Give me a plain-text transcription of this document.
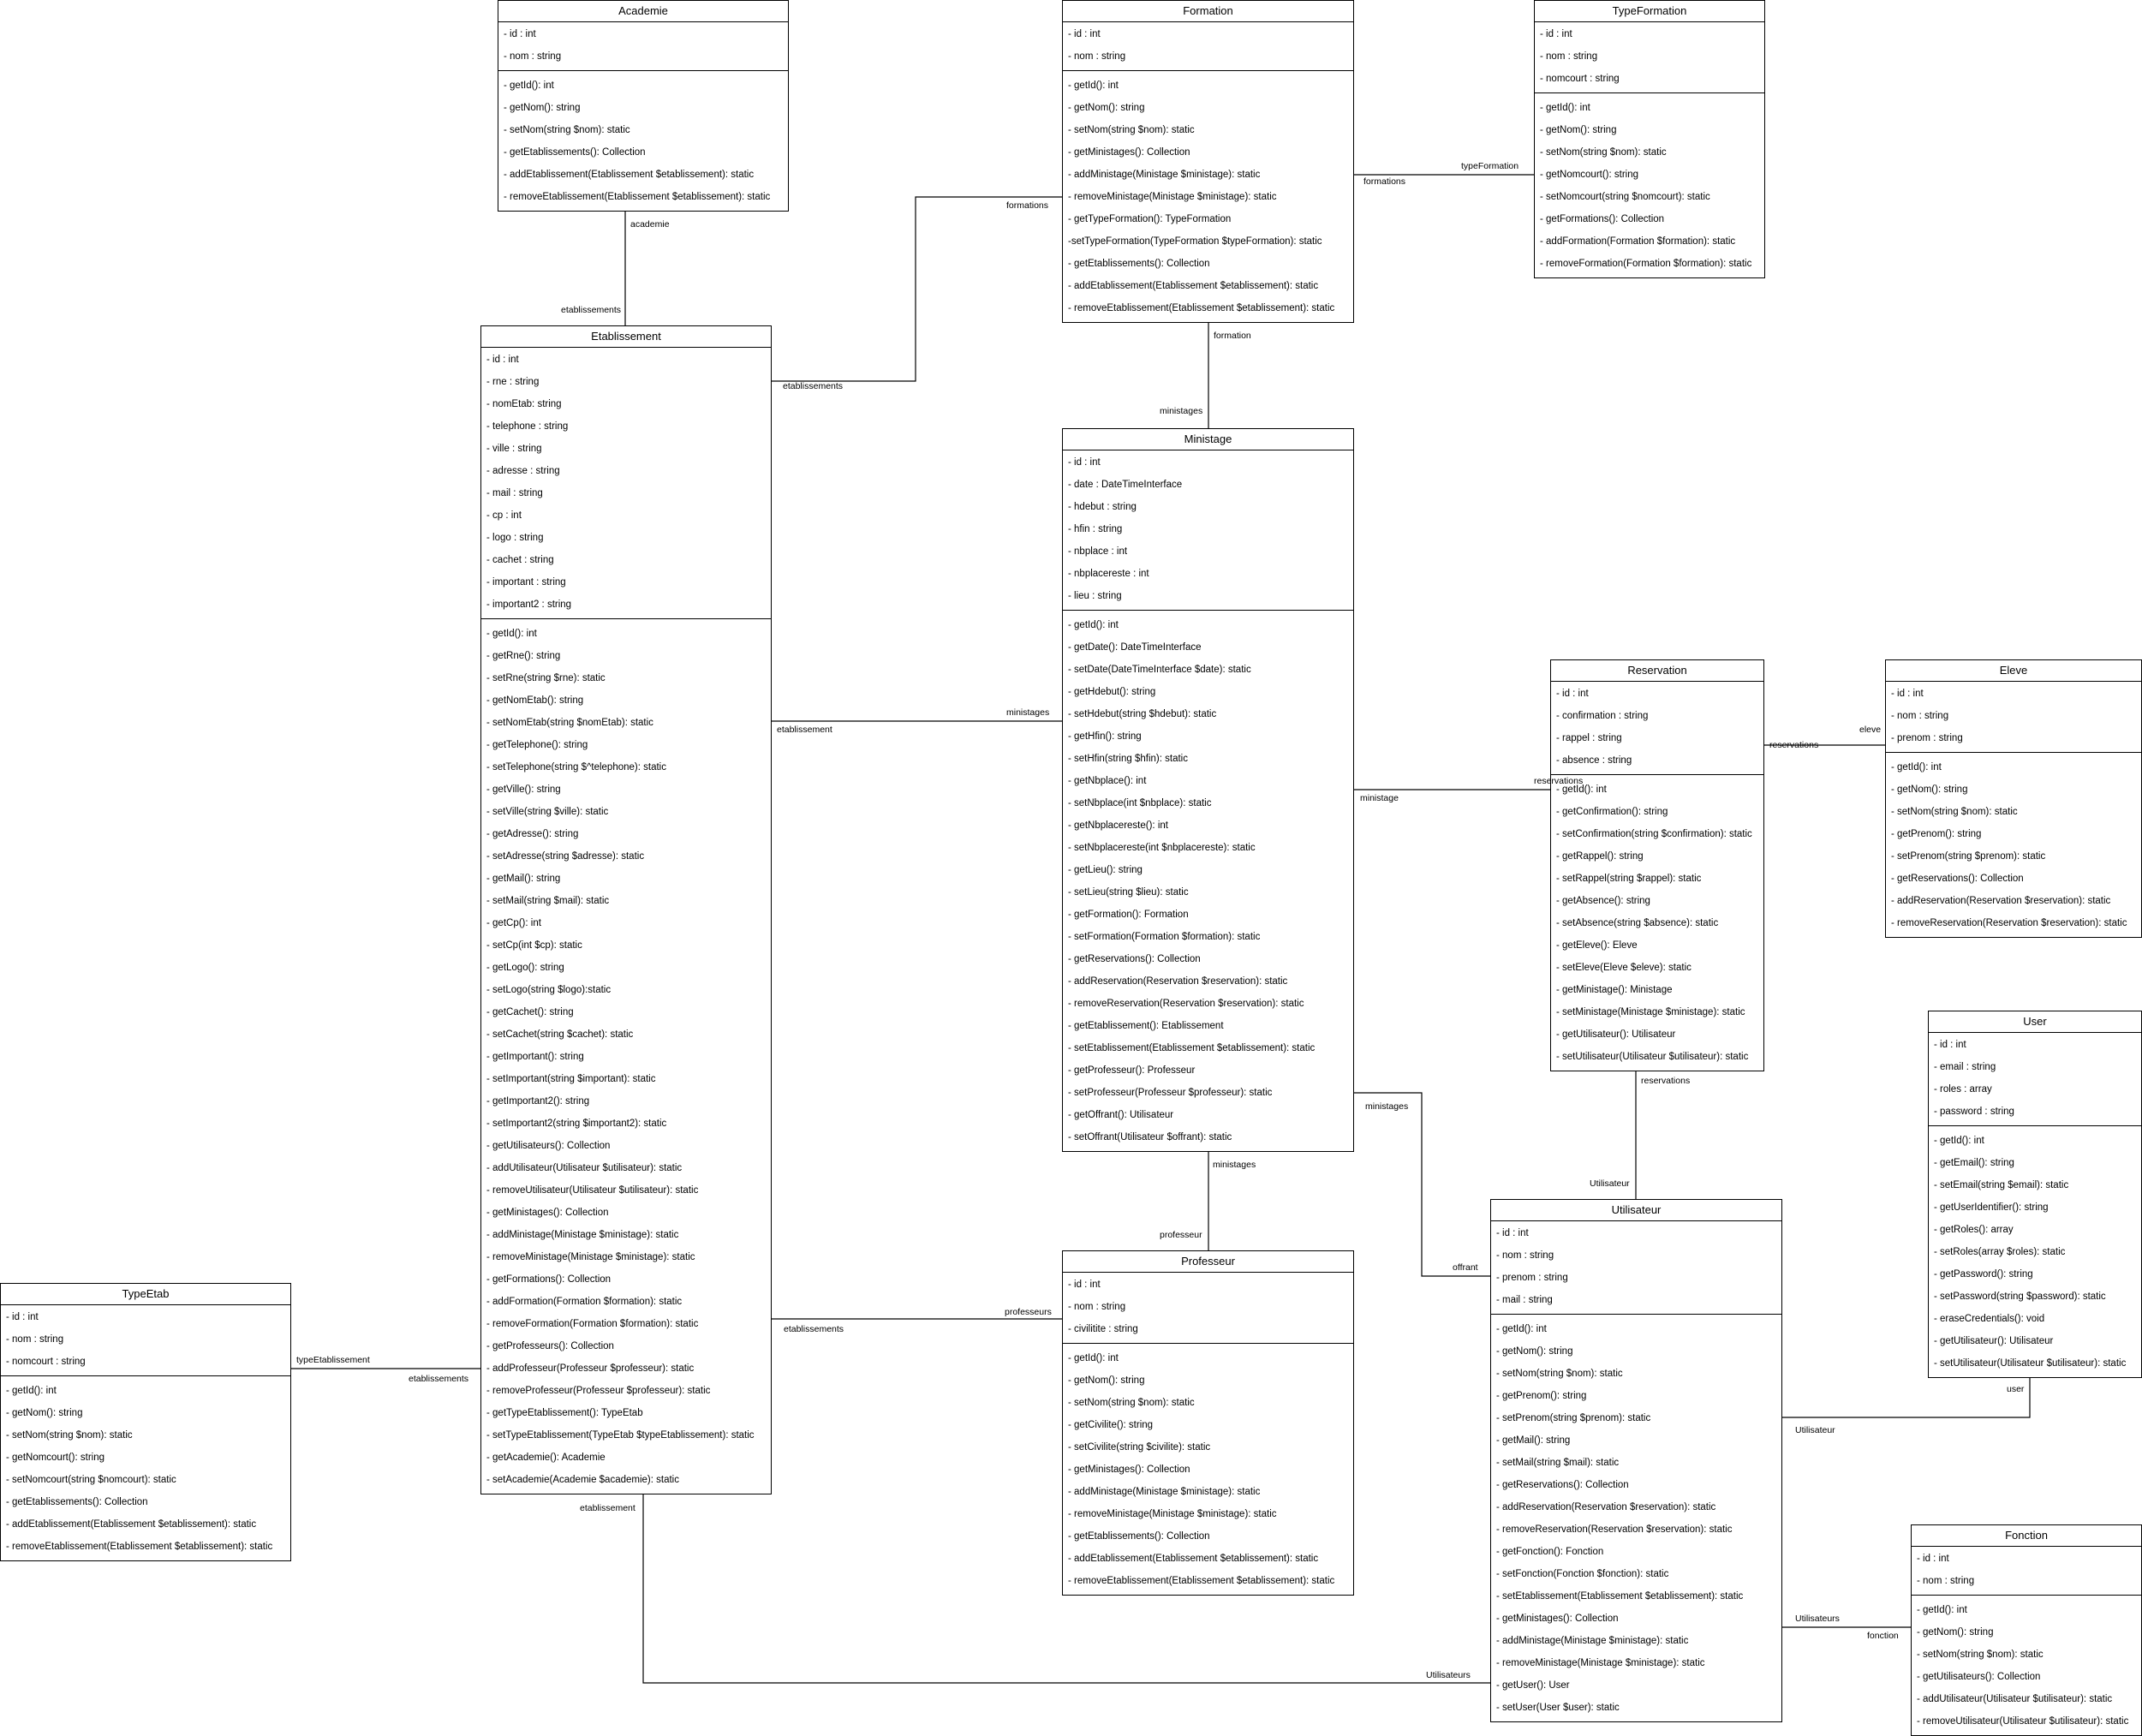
Academie
- id : int
- nom : string
- getId(): int
- getNom(): string
- setNom(string $nom): static
- getEtablissements(): Collection
- addEtablissement(Etablissement $etablissement): static
- removeEtablissement(Etablissement $etablissement): static
Formation
- id : int
- nom : string
- getId(): int
- getNom(): string
- setNom(string $nom): static
- getMinistages(): Collection
- addMinistage(Ministage $ministage): static
- removeMinistage(Ministage $ministage): static
- getTypeFormation(): TypeFormation
-setTypeFormation(TypeFormation $typeFormation): static
- getEtablissements(): Collection
- addEtablissement(Etablissement $etablissement): static
- removeEtablissement(Etablissement $etablissement): static
TypeFormation
- id : int
- nom : string
- nomcourt : string
- getId(): int
- getNom(): string
- setNom(string $nom): static
- getNomcourt(): string
- setNomcourt(string $nomcourt): static
- getFormations(): Collection
- addFormation(Formation $formation): static
- removeFormation(Formation $formation): static
Etablissement
- id : int
- rne : string
- nomEtab: string
- telephone : string
- ville : string
- adresse : string
- mail : string
- cp : int
- logo : string
- cachet : string
- important : string
- important2 : string
- getId(): int
- getRne(): string
- setRne(string $rne): static
- getNomEtab(): string
- setNomEtab(string $nomEtab): static
- getTelephone(): string
- setTelephone(string $^telephone): static
- getVille(): string
- setVille(string $ville): static
- getAdresse(): string
- setAdresse(string $adresse): static
- getMail(): string
- setMail(string $mail): static
- getCp(): int
- setCp(int $cp): static
- getLogo(): string
- setLogo(string $logo):static
- getCachet(): string
- setCachet(string $cachet): static
- getImportant(): string
- setImportant(string $important): static
- getImportant2(): string
- setImportant2(string $important2): static
- getUtilisateurs(): Collection
- addUtilisateur(Utilisateur $utilisateur): static
- removeUtilisateur(Utilisateur $utilisateur): static
- getMinistages(): Collection
- addMinistage(Ministage $ministage): static
- removeMinistage(Ministage $ministage): static
- getFormations(): Collection
- addFormation(Formation $formation): static
- removeFormation(Formation $formation): static
- getProfesseurs(): Collection
- addProfesseur(Professeur $professeur): static
- removeProfesseur(Professeur $professeur): static
- getTypeEtablissement(): TypeEtab
- setTypeEtablissement(TypeEtab $typeEtablissement): static
- getAcademie(): Academie
- setAcademie(Academie $academie): static
Ministage
- id : int
- date : DateTimeInterface
- hdebut : string
- hfin : string
- nbplace : int
- nbplacereste : int
- lieu : string
- getId(): int
- getDate(): DateTimeInterface
- setDate(DateTimeInterface $date): static
- getHdebut(): string
- setHdebut(string $hdebut): static
- getHfin(): string
- setHfin(string $hfin): static
- getNbplace(): int
- setNbplace(int $nbplace): static
- getNbplacereste(): int
- setNbplacereste(int $nbplacereste): static
- getLieu(): string
- setLieu(string $lieu): static
- getFormation(): Formation
- setFormation(Formation $formation): static
- getReservations(): Collection
- addReservation(Reservation $reservation): static
- removeReservation(Reservation $reservation): static
- getEtablissement(): Etablissement
- setEtablissement(Etablissement $etablissement): static
- getProfesseur(): Professeur
- setProfesseur(Professeur $professeur): static
- getOffrant(): Utilisateur
- setOffrant(Utilisateur $offrant): static
Reservation
- id : int
- confirmation : string
- rappel : string
- absence : string
- getId(): int
- getConfirmation(): string
- setConfirmation(string $confirmation): static
- getRappel(): string
- setRappel(string $rappel): static
- getAbsence(): string
- setAbsence(string $absence): static
- getEleve(): Eleve
- setEleve(Eleve $eleve): static
- getMinistage(): Ministage
- setMinistage(Ministage $ministage): static
- getUtilisateur(): Utilisateur
- setUtilisateur(Utilisateur $utilisateur): static
Eleve
- id : int
- nom : string
- prenom : string
- getId(): int
- getNom(): string
- setNom(string $nom): static
- getPrenom(): string
- setPrenom(string $prenom): static
- getReservations(): Collection
- addReservation(Reservation $reservation): static
- removeReservation(Reservation $reservation): static
User
- id : int
- email : string
- roles : array
- password : string
- getId(): int
- getEmail(): string
- setEmail(string $email): static
- getUserIdentifier(): string
- getRoles(): array
- setRoles(array $roles): static
- getPassword(): string
- setPassword(string $password): static
- eraseCredentials(): void
- getUtilisateur(): Utilisateur
- setUtilisateur(Utilisateur $utilisateur): static
Utilisateur
- id : int
- nom : string
- prenom : string
- mail : string
- getId(): int
- getNom(): string
- setNom(string $nom): static
- getPrenom(): string
- setPrenom(string $prenom): static
- getMail(): string
- setMail(string $mail): static
- getReservations(): Collection
- addReservation(Reservation $reservation): static
- removeReservation(Reservation $reservation): static
- getFonction(): Fonction
- setFonction(Fonction $fonction): static
- setEtablissement(Etablissement $etablissement): static
- getMinistages(): Collection
- addMinistage(Ministage $ministage): static
- removeMinistage(Ministage $ministage): static
- getUser(): User
- setUser(User $user): static
Professeur
- id : int
- nom : string
- civilitite : string
- getId(): int
- getNom(): string
- setNom(string $nom): static
- getCivilite(): string
- setCivilite(string $civilite): static
- getMinistages(): Collection
- addMinistage(Ministage $ministage): static
- removeMinistage(Ministage $ministage): static
- getEtablissements(): Collection
- addEtablissement(Etablissement $etablissement): static
- removeEtablissement(Etablissement $etablissement): static
TypeEtab
- id : int
- nom : string
- nomcourt : string
- getId(): int
- getNom(): string
- setNom(string $nom): static
- getNomcourt(): string
- setNomcourt(string $nomcourt): static
- getEtablissements(): Collection
- addEtablissement(Etablissement $etablissement): static
- removeEtablissement(Etablissement $etablissement): static
Fonction
- id : int
- nom : string
- getId(): int
- getNom(): string
- setNom(string $nom): static
- getUtilisateurs(): Collection
- addUtilisateur(Utilisateur $utilisateur): static
- removeUtilisateur(Utilisateur $utilisateur): static
academie
etablissements
formations
etablissements
formations
typeFormation
formation
ministages
ministages
etablissement
reservations
ministage
eleve
reservations
reservations
Utilisateur
ministages
offrant
ministages
professeur
professeurs
etablissements
typeEtablissement
etablissements
etablissement
Utilisateurs
user
Utilisateur
Utilisateurs
fonction
